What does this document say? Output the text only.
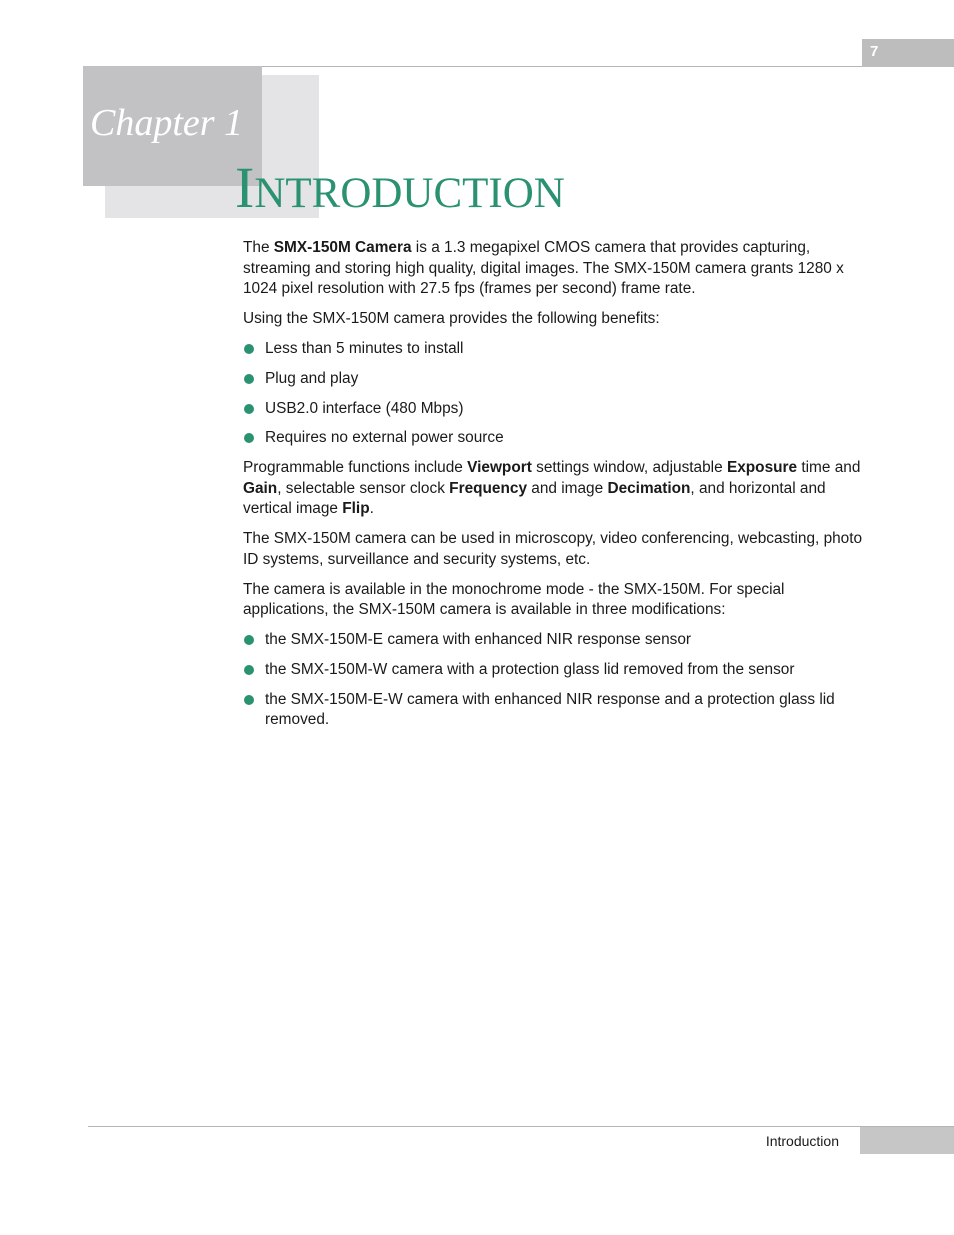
7
Chapter 1
INTRODUCTION

The SMX-150M Camera is a 1.3 megapixel CMOS camera that provides capturing, streaming and storing high quality, digital images. The SMX-150M camera grants 1280 x 1024 pixel resolution with 27.5 fps (frames per second) frame rate.

Using the SMX-150M camera provides the following benefits:

Less than 5 minutes to install
Plug and play
USB2.0 interface (480 Mbps)
Requires no external power source

Programmable functions include Viewport settings window, adjustable Exposure time and Gain, selectable sensor clock Frequency and image Decimation, and horizontal and vertical image Flip.

The SMX-150M camera can be used in microscopy, video conferencing, webcasting, photo ID systems, surveillance and security systems, etc.

The camera is available in the monochrome mode - the SMX-150M. For special applications, the SMX-150M camera is available in three modifications:

the SMX-150M-E camera with enhanced NIR response sensor
the SMX-150M-W camera with a protection glass lid removed from the sensor
the SMX-150M-E-W camera with enhanced NIR response and a protection glass lid removed.
Introduction
